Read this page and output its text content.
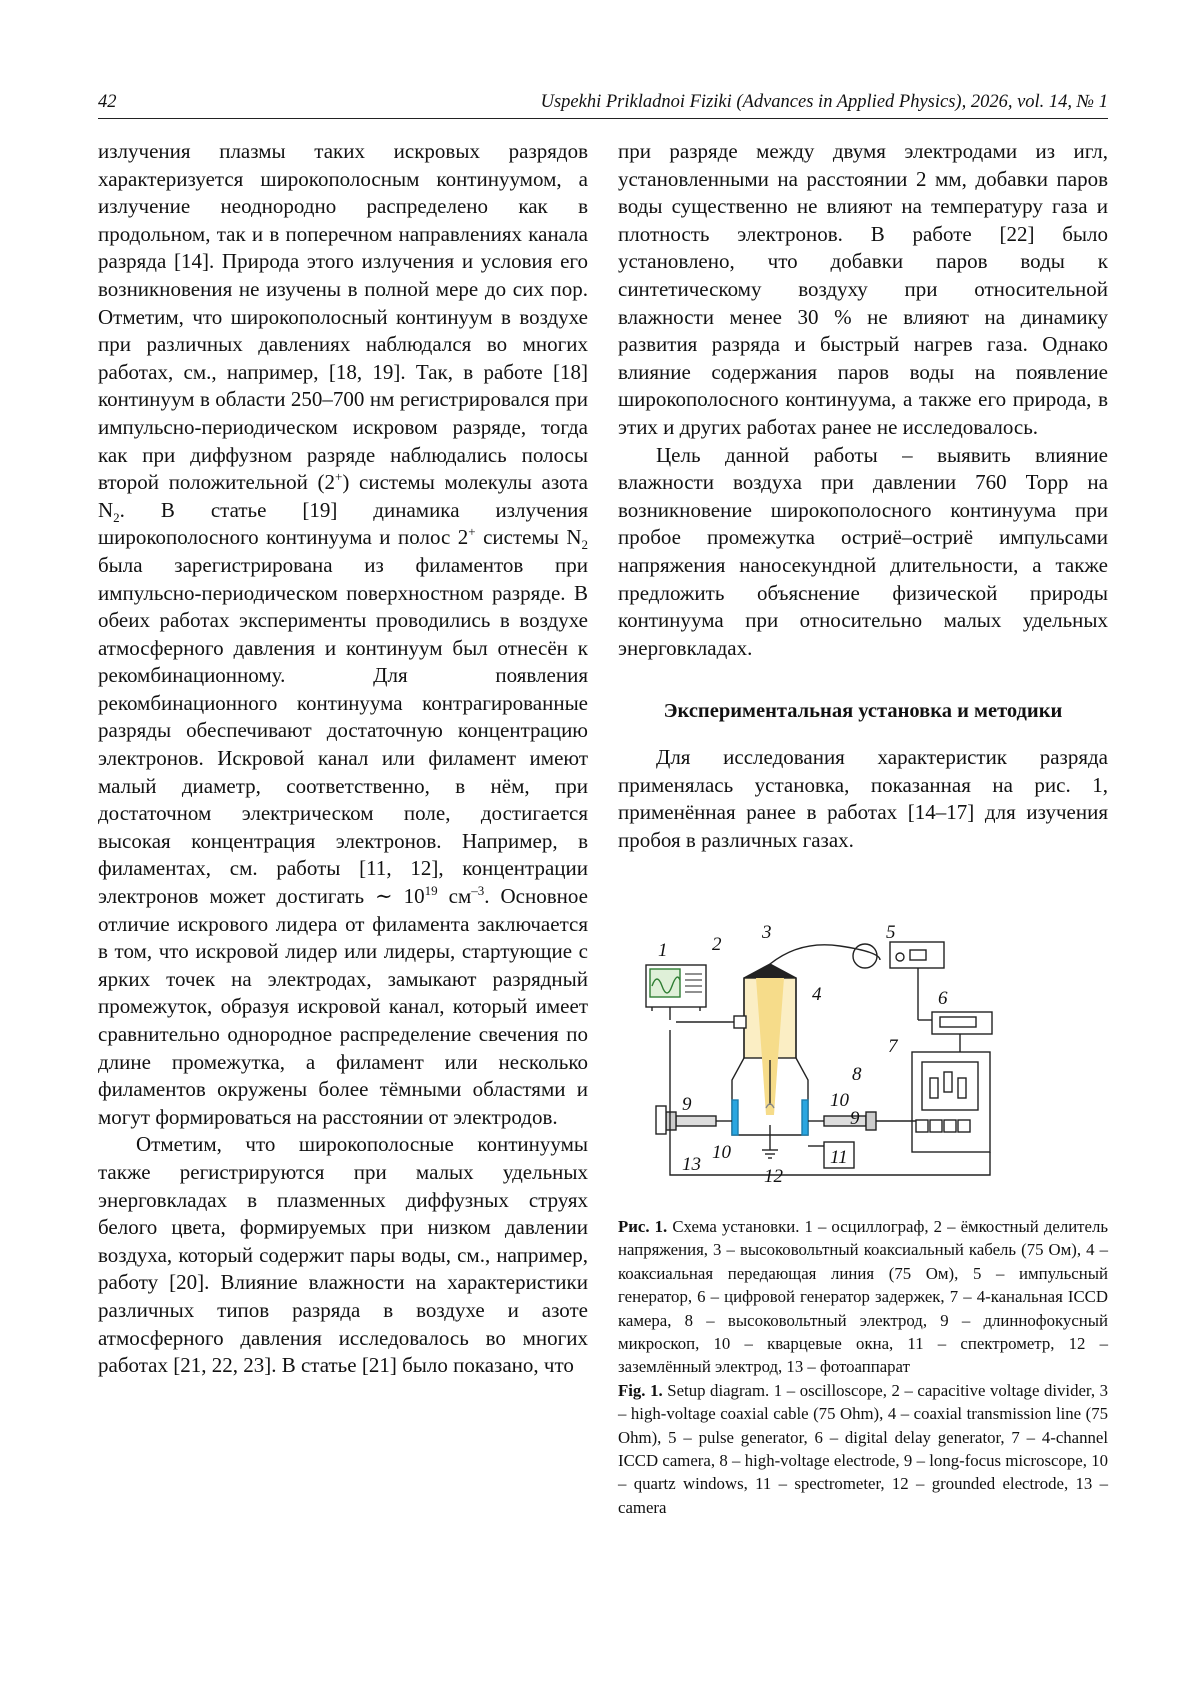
42	Uspekhi Prikladnoi Fiziki (Advances in Applied Physics), 2026, vol. 14, № 1

излучения плазмы таких искровых разрядов характеризуется широкополосным континуумом, а излучение неоднородно распределено как в продольном, так и в поперечном направлениях канала разряда [14]. Природа этого излучения и условия его возникновения не изучены в полной мере до сих пор. Отметим, что широкополосный континуум в воздухе при различных давлениях наблюдался во многих работах, см., например, [18, 19]. Так, в работе [18] континуум в области 250–700 нм регистрировался при импульсно-периодическом искровом разряде, тогда как при диффузном разряде наблюдались полосы второй положительной (2+) системы молекулы азота $N_2$. В статье [19] динамика излучения широкополосного континуума и полос 2+ системы $N_2$ была зарегистрирована из филаментов при импульсно-периодическом поверхностном разряде. В обеих работах эксперименты проводились в воздухе атмосферного давления и континуум был отнесён к рекомбинационному. Для появления рекомбинационного континуума контрагированные разряды обеспечивают достаточную концентрацию электронов. Искровой канал или филамент имеют малый диаметр, соответственно, в нём, при достаточном электрическом поле, достигается высокая концентрация электронов. Например, в филаментах, см. работы [11, 12], концентрации электронов может достигать ∼ $10^{19}$ $см^{-3}$. Основное отличие искрового лидера от филамента заключается в том, что искровой лидер или лидеры, стартующие с ярких точек на электродах, замыкают разрядный промежуток, образуя искровой канал, который имеет сравнительно однородное распределение свечения по длине промежутка, а филамент или несколько филаментов окружены более тёмными областями и могут формироваться на расстоянии от электродов.

Отметим, что широкополосные континуумы также регистрируются при малых удельных энерговкладах в плазменных диффузных струях белого цвета, формируемых при низком давлении воздуха, который содержит пары воды, см., например, работу [20]. Влияние влажности на характеристики различных типов разряда в воздухе и азоте атмосферного давления исследовалось во многих работах [21, 22, 23]. В статье [21] было показано, что

при разряде между двумя электродами из игл, установленными на расстоянии 2 мм, добавки паров воды существенно не влияют на температуру газа и плотность электронов. В работе [22] было установлено, что добавки паров воды к синтетическому воздуху при относительной влажности менее 30 % не влияют на динамику развития разряда и быстрый нагрев газа. Однако влияние содержания паров воды на появление широкополосного континуума, а также его природа, в этих и других работах ранее не исследовалось.

Цель данной работы – выявить влияние влажности воздуха при давлении 760 Торр на возникновение широкополосного континуума при пробое промежутка остриё–остриё импульсами напряжения наносекундной длительности, а также предложить объяснение физической природы континуума при относительно малых удельных энерговкладах.

Экспериментальная установка и методики

Для исследования характеристик разряда применялась установка, показанная на рис. 1, применённая ранее в работах [14–17] для изучения пробоя в различных газах.

1 2
3
4
5
6
7
8
9
9
10
10	11
12
13

Рис. 1. Схема установки. 1 – осциллограф, 2 – ёмкостный делитель напряжения, 3 – высоковольтный коаксиальный кабель (75 Ом), 4 – коаксиальная передающая линия (75 Ом), 5 – импульсный генератор, 6 – цифровой генератор задержек, 7 – 4-канальная ICCD камера, 8 – высоковольтный электрод, 9 – длиннофокусный микроскоп, 10 – кварцевые окна, 11 – спектрометр, 12 – заземлённый электрод, 13 – фотоаппарат

Fig. 1. Setup diagram. 1 – oscilloscope, 2 – capacitive voltage divider, 3 – high-voltage coaxial cable (75 Ohm), 4 – coaxial transmission line (75 Ohm), 5 – pulse generator, 6 – digital delay generator, 7 – 4-channel ICCD camera, 8 – high-voltage electrode, 9 – long-focus microscope, 10 – quartz windows, 11 – spectrometer, 12 – grounded electrode, 13 – camera
